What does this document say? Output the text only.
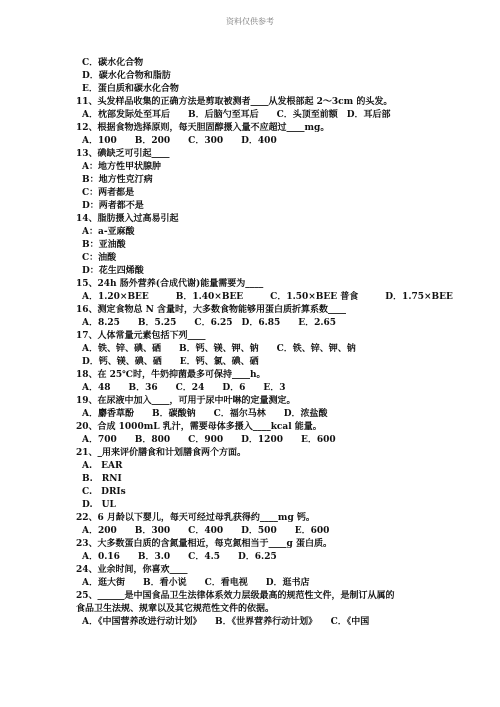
资料仅供参考
C．碳水化合物
D．碳水化合物和脂肪
E．蛋白质和碳水化合物
11、头发样品收集的正确方法是剪取被测者____从发根部起 2～3cm 的头发。
A．枕部发际处至耳后　　B．后脑勺至耳后　　C．头顶至前额　D．耳后部
12、根据食物选择原则，每天胆固醇摄入量不应超过____mg。
A．100　　B．200　　C．300　　D．400
13、碘缺乏可引起____
A：地方性甲状腺肿
B：地方性克汀病
C：两者都是
D：两者都不是
14、脂肪摄入过高易引起
A：a-亚麻酸
B：亚油酸
C：油酸
D：花生四烯酸
15、24h 肠外营养(合成代谢)能量需要为____
A．1.20×BEE　　　B．1.40×BEE　　　C．1.50×BEE 普食　　　D．1.75×BEE
16、测定食物总 N 含量时，大多数食物能够用蛋白质折算系数____
A．8.25　　B．5.25　　C．6.25　D．6.85　　E．2.65
17、人体常量元素包括下列____
A．铁、锌、碘、硒　　B．钙、镁、钾、钠　　C．铁、锌、钾、钠
D．钙、镁、碘、硒　　E．钙、氯、碘、硒
18、在 25℃时，牛奶抑菌最多可保持____h。
A．48　　B．36　　C．24　　D．6　　E．3
19、在尿液中加入____，可用于尿中叶啉的定量测定。
A．麝香草酚　　B．碳酸钠　　C．福尔马林　　D．浓盐酸
20、合成 1000mL 乳汁，需要母体多摄入____kcal 能量。
A．700　　B．800　　C．900　　D．1200　　E．600
21、_用来评价膳食和计划膳食两个方面。
A.　EAR
B.　RNI
C.　DRIs
D.　UL
22、6 月龄以下婴儿，每天可经过母乳获得约____mg 钙。
A．200　　B．300　　C．400　　D．500　　E．600
23、大多数蛋白质的含氮量相近，每克氮相当于____g 蛋白质。
A．0.16　　B．3.0　　C．4.5　　D．6.25
24、业余时间，你喜欢____
A．逛大街　　B．看小说　　C．看电视　　D．逛书店
25、______是中国食品卫生法律体系效力层级最高的规范性文件，是制订从属的
食品卫生法规、规章以及其它规范性文件的依据。
A．《中国营养改进行动计划》　　B．《世界营养行动计划》　　C．《中国
